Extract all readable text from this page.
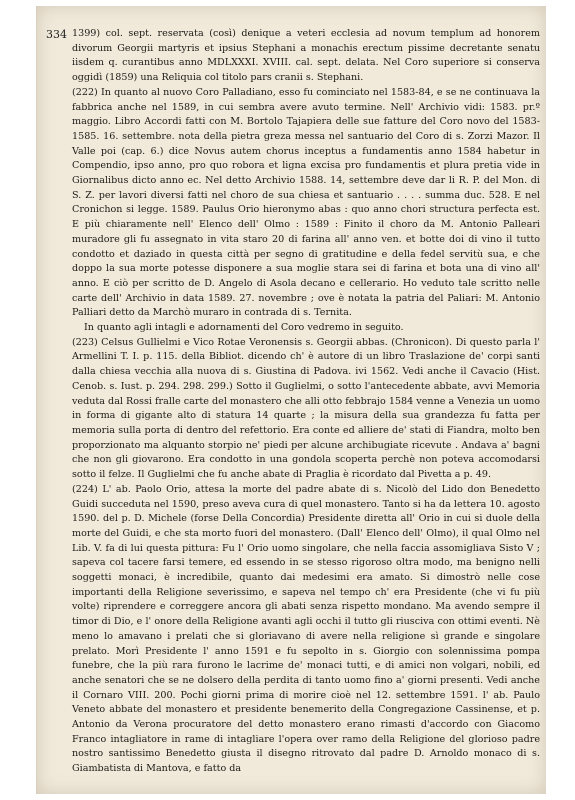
334 1399) col. sept. reservata (così) denique a veteri ecclesia ad novum templum ad honorem divorum Georgii martyris et ipsius Stephani a monachis erectum pissime decretante senatu iisdem q. curantibus anno MDLXXXI. XVIII. cal. sept. delata. Nel Coro superiore si conserva oggidì (1859) una Reliquia col titolo pars cranii s. Stephani.

(222) In quanto al nuovo Coro Palladiano, esso fu cominciato nel 1583-84, e se ne continuava la fabbrica anche nel 1589, in cui sembra avere avuto termine. Nell' Archivio vidi: 1583. pr.º maggio. Libro Accordi fatti con M. Bortolo Tajapiera delle sue fatture del Coro novo del 1583-1585. 16. settembre. nota della pietra greza messa nel santuario del Coro di s. Zorzi Mazor. Il Valle poi (cap. 6.) dice Novus autem chorus inceptus a fundamentis anno 1584 habetur in Compendio, ipso anno, pro quo robora et ligna excisa pro fundamentis et plura pretia vide in Giornalibus dicto anno ec. Nel detto Archivio 1588. 14, settembre deve dar li R. P. del Mon. di S. Z. per lavori diversi fatti nel choro de sua chiesa et santuario . . . . summa duc. 528. E nel Cronichon si legge. 1589. Paulus Orio hieronymo abas : quo anno chori structura perfecta est. E più chiaramente nell' Elenco dell' Olmo : 1589 : Finito il choro da M. Antonio Palleari muradore gli fu assegnato in vita staro 20 di farina all' anno ven. et botte doi di vino il tutto condotto et daziado in questa città per segno di gratitudine e della fedel servitù sua, e che doppo la sua morte potesse disponere a sua moglie stara sei di farina et bota una di vino all' anno. E ciò per scritto de D. Angelo di Asola decano e cellerario. Ho veduto tale scritto nelle carte dell' Archivio in data 1589. 27. novembre ; ove è notata la patria del Paliari: M. Antonio Palliari detto da Marchò muraro in contrada di s. Ternita.

In quanto agli intagli e adornamenti del Coro vedremo in seguito.

(223) Celsus Gullielmi e Vico Rotae Veronensis s. Georgii abbas. (Chronicon). Di questo parla l' Armellini T. I. p. 115. della Bibliot. dicendo ch' è autore di un libro Traslazione de' corpi santi dalla chiesa vecchia alla nuova di s. Giustina di Padova. ivi 1562. Vedi anche il Cavacio (Hist. Cenob. s. Iust. p. 294. 298. 299.) Sotto il Guglielmi, o sotto l'antecedente abbate, avvi Memoria veduta dal Rossi fralle carte del monastero che alli otto febbrajo 1584 venne a Venezia un uomo in forma di gigante alto di statura 14 quarte ; la misura della sua grandezza fu fatta per memoria sulla porta di dentro del refettorio. Era conte ed alliere de' stati di Fiandra, molto ben proporzionato ma alquanto storpio ne' piedi per alcune archibugiate ricevute . Andava a' bagni che non gli giovarono. Era condotto in una gondola scoperta perchè non poteva accomodarsi sotto il felze. Il Guglielmi che fu anche abate di Praglia è ricordato dal Pivetta a p. 49.

(224) L' ab. Paolo Orio, attesa la morte del padre abate di s. Nicolò del Lido don Benedetto Guidi succeduta nel 1590, preso aveva cura di quel monastero. Tanto si ha da lettera 10. agosto 1590. del p. D. Michele (forse Della Concordia) Presidente diretta all' Orio in cui si duole della morte del Guidi, e che sta morto fuori del monastero. (Dall' Elenco dell' Olmo), il qual Olmo nel Lib. V. fa di lui questa pittura: Fu l' Orio uomo singolare, che nella faccia assomigliava Sisto V ; sapeva col tacere farsi temere, ed essendo in se stesso rigoroso oltra modo, ma benigno nelli soggetti monaci, è incredibile, quanto dai medesimi era amato. Si dimostrò nelle cose importanti della Religione severissimo, e sapeva nel tempo ch' era Presidente (che vi fu più volte) riprendere e correggere ancora gli abati senza rispetto mondano. Ma avendo sempre il timor di Dio, e l' onore della Religione avanti agli occhi il tutto gli riusciva con ottimi eventi. Nè meno lo amavano i prelati che si gloriavano di avere nella religione sì grande e singolare prelato. Morì Presidente l' anno 1591 e fu sepolto in s. Giorgio con solennissima pompa funebre, che la più rara furono le lacrime de' monaci tutti, e di amici non volgari, nobili, ed anche senatori che se ne dolsero della perdita di tanto uomo fino a' giorni presenti. Vedi anche il Cornaro VIII. 200. Pochi giorni prima di morire cioè nel 12. settembre 1591. l' ab. Paulo Veneto abbate del monastero et presidente benemerito della Congregazione Cassinense, et p. Antonio da Verona procuratore del detto monastero erano rimasti d'accordo con Giacomo Franco intagliatore in rame di intagliare l'opera over ramo della Religione del glorioso padre nostro santissimo Benedetto giusta il disegno ritrovato dal padre D. Arnoldo monaco di s. Giambatista di Mantova, e fatto da
